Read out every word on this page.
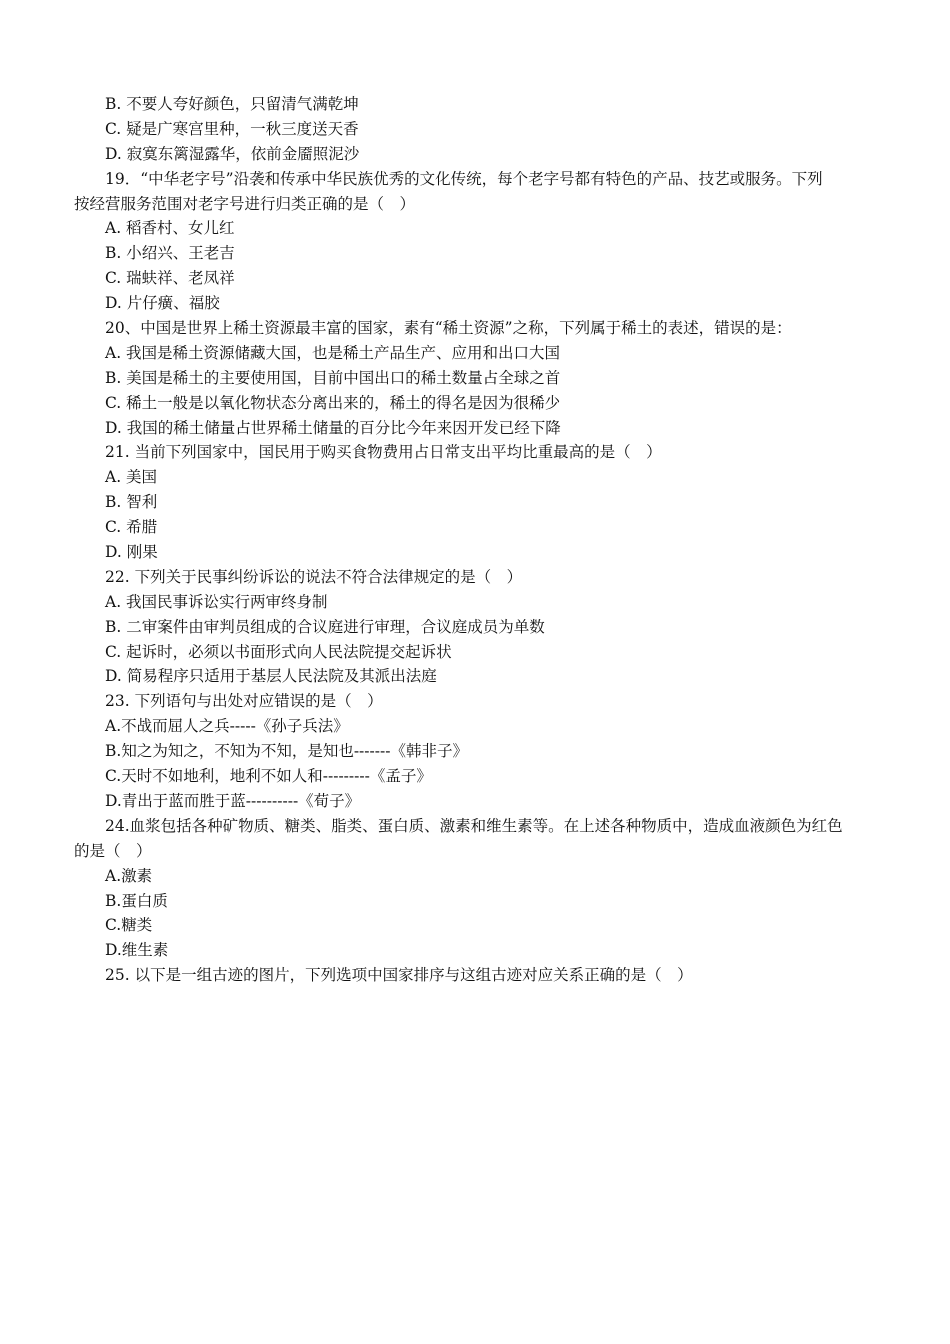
B. 不要人夸好颜色，只留清气满乾坤
C. 疑是广寒宫里种，一秋三度送天香
D. 寂寞东篱湿露华，依前金靥照泥沙
19．“中华老字号”沿袭和传承中华民族优秀的文化传统，每个老字号都有特色的产品、技艺或服务。下列
按经营服务范围对老字号进行归类正确的是（　）
A. 稻香村、女儿红
B. 小绍兴、王老吉
C. 瑞蚨祥、老凤祥
D. 片仔癀、福胶
20、中国是世界上稀土资源最丰富的国家，素有“稀土资源”之称，下列属于稀土的表述，错误的是：
A. 我国是稀土资源储藏大国，也是稀土产品生产、应用和出口大国
B. 美国是稀土的主要使用国，目前中国出口的稀土数量占全球之首
C. 稀土一般是以氧化物状态分离出来的，稀土的得名是因为很稀少
D. 我国的稀土储量占世界稀土储量的百分比今年来因开发已经下降
21. 当前下列国家中，国民用于购买食物费用占日常支出平均比重最高的是（　）
A. 美国
B. 智利
C. 希腊
D. 刚果
22. 下列关于民事纠纷诉讼的说法不符合法律规定的是（　）
A. 我国民事诉讼实行两审终身制
B. 二审案件由审判员组成的合议庭进行审理，合议庭成员为单数
C. 起诉时，必须以书面形式向人民法院提交起诉状
D. 简易程序只适用于基层人民法院及其派出法庭
23. 下列语句与出处对应错误的是（　）
A.不战而屈人之兵-----《孙子兵法》
B.知之为知之，不知为不知，是知也-------《韩非子》
C.天时不如地利，地利不如人和---------《孟子》
D.青出于蓝而胜于蓝----------《荀子》
24.血浆包括各种矿物质、糖类、脂类、蛋白质、激素和维生素等。在上述各种物质中，造成血液颜色为红色
的是（　）
A.激素
B.蛋白质
C.糖类
D.维生素
25. 以下是一组古迹的图片，下列选项中国家排序与这组古迹对应关系正确的是（　）
